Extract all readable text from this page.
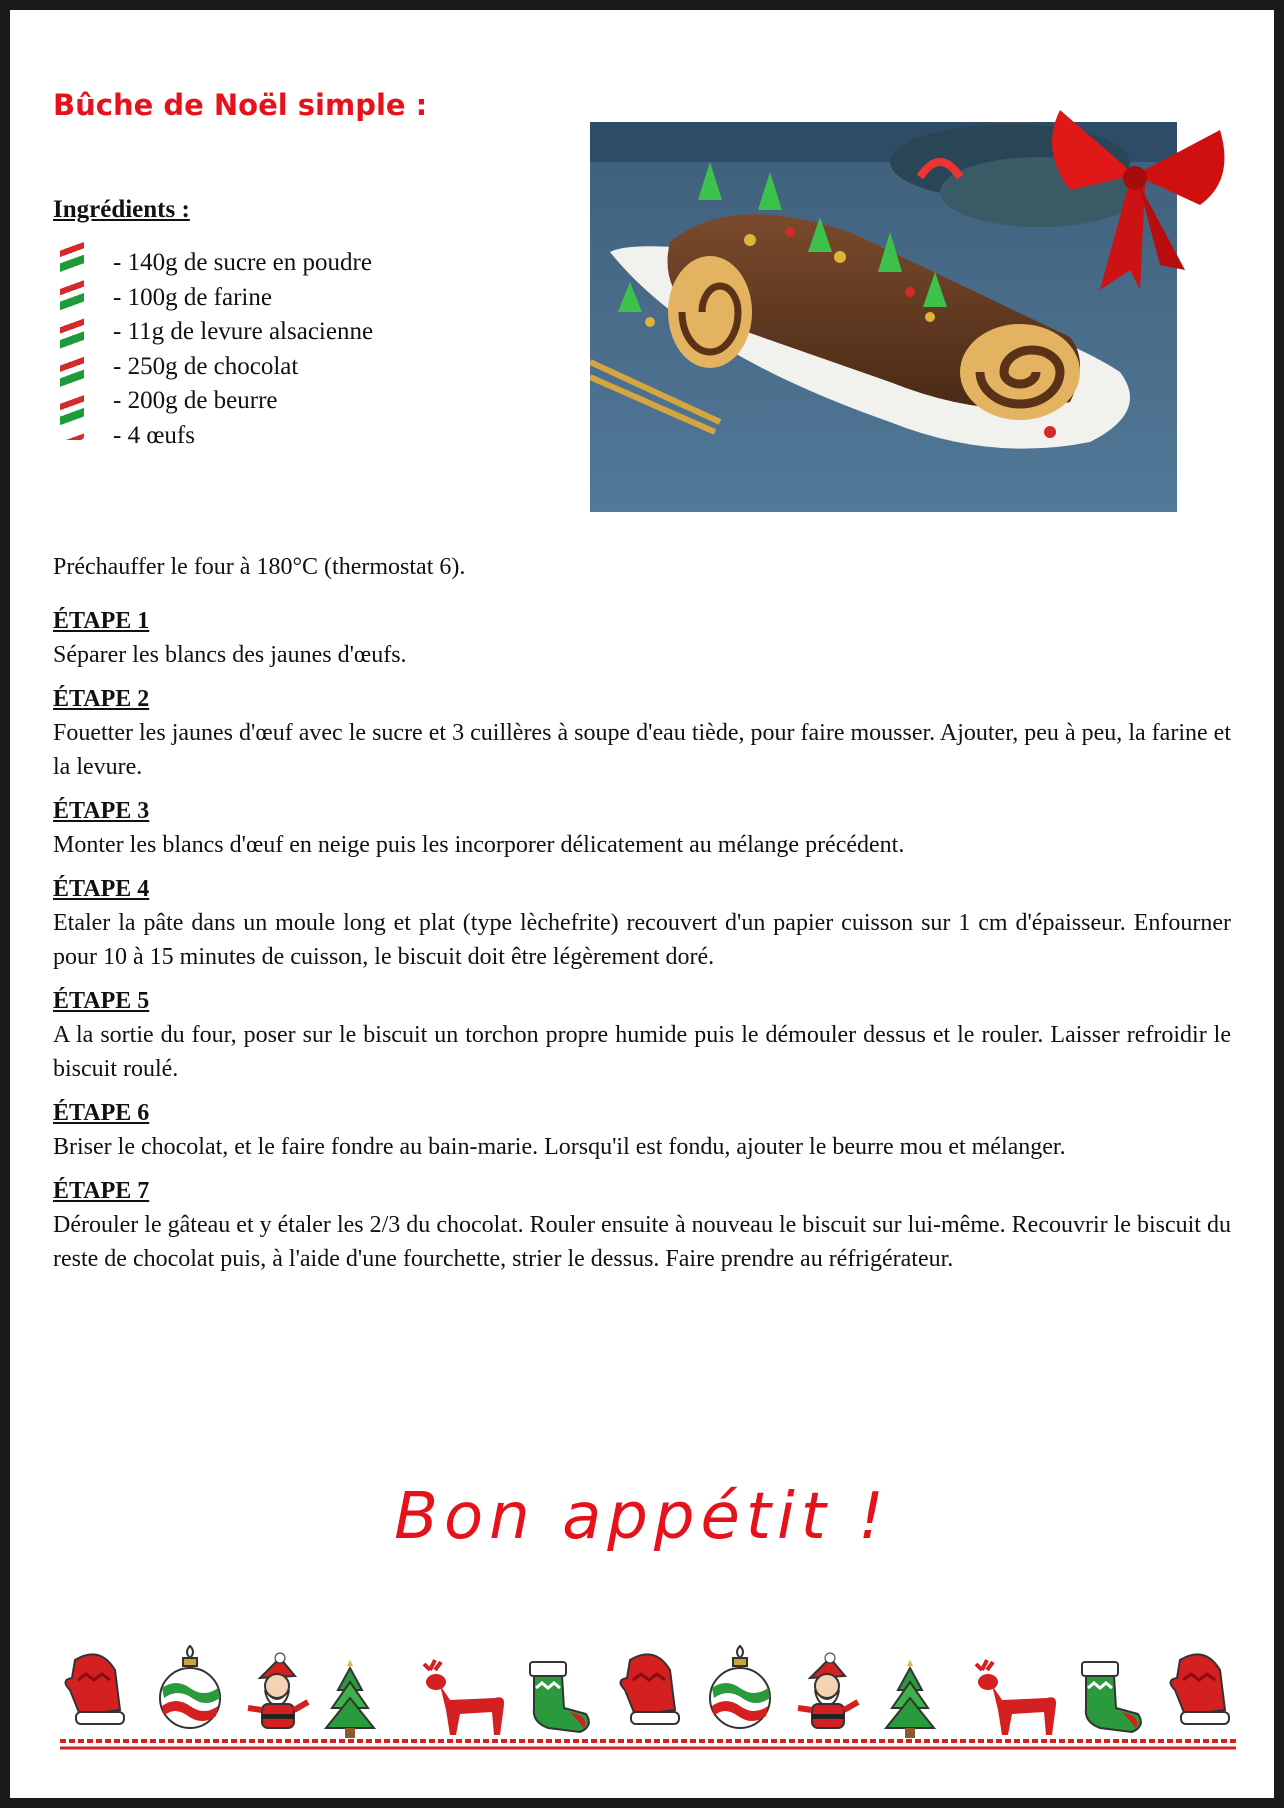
Bûche de Noël simple :
Ingrédients :
- 140g de sucre en poudre
- 100g de farine
- 11g de levure alsacienne
- 250g de chocolat
- 200g de beurre
- 4 œufs
Préchauffer le four à 180°C (thermostat 6).
ÉTAPE 1
Séparer les blancs des jaunes d'œufs.
ÉTAPE 2
Fouetter les jaunes d'œuf avec le sucre et 3 cuillères à soupe d'eau tiède, pour faire mousser. Ajouter, peu à peu, la farine et la levure.
ÉTAPE 3
Monter les blancs d'œuf en neige puis les incorporer délicatement au mélange précédent.
ÉTAPE 4
Etaler la pâte dans un moule long et plat (type lèchefrite) recouvert d'un papier cuisson sur 1 cm d'épaisseur. Enfourner pour 10 à 15 minutes de cuisson, le biscuit doit être légèrement doré.
ÉTAPE 5
A la sortie du four, poser sur le biscuit un torchon propre humide puis le démouler dessus et le rouler. Laisser refroidir le biscuit roulé.
ÉTAPE 6
Briser le chocolat, et le faire fondre au bain-marie. Lorsqu'il est fondu, ajouter le beurre mou et mélanger.
ÉTAPE 7
Dérouler le gâteau et y étaler les 2/3 du chocolat. Rouler ensuite à nouveau le biscuit sur lui-même. Recouvrir le biscuit du reste de chocolat puis, à l'aide d'une fourchette, strier le dessus. Faire prendre au réfrigérateur.
Bon appétit !
